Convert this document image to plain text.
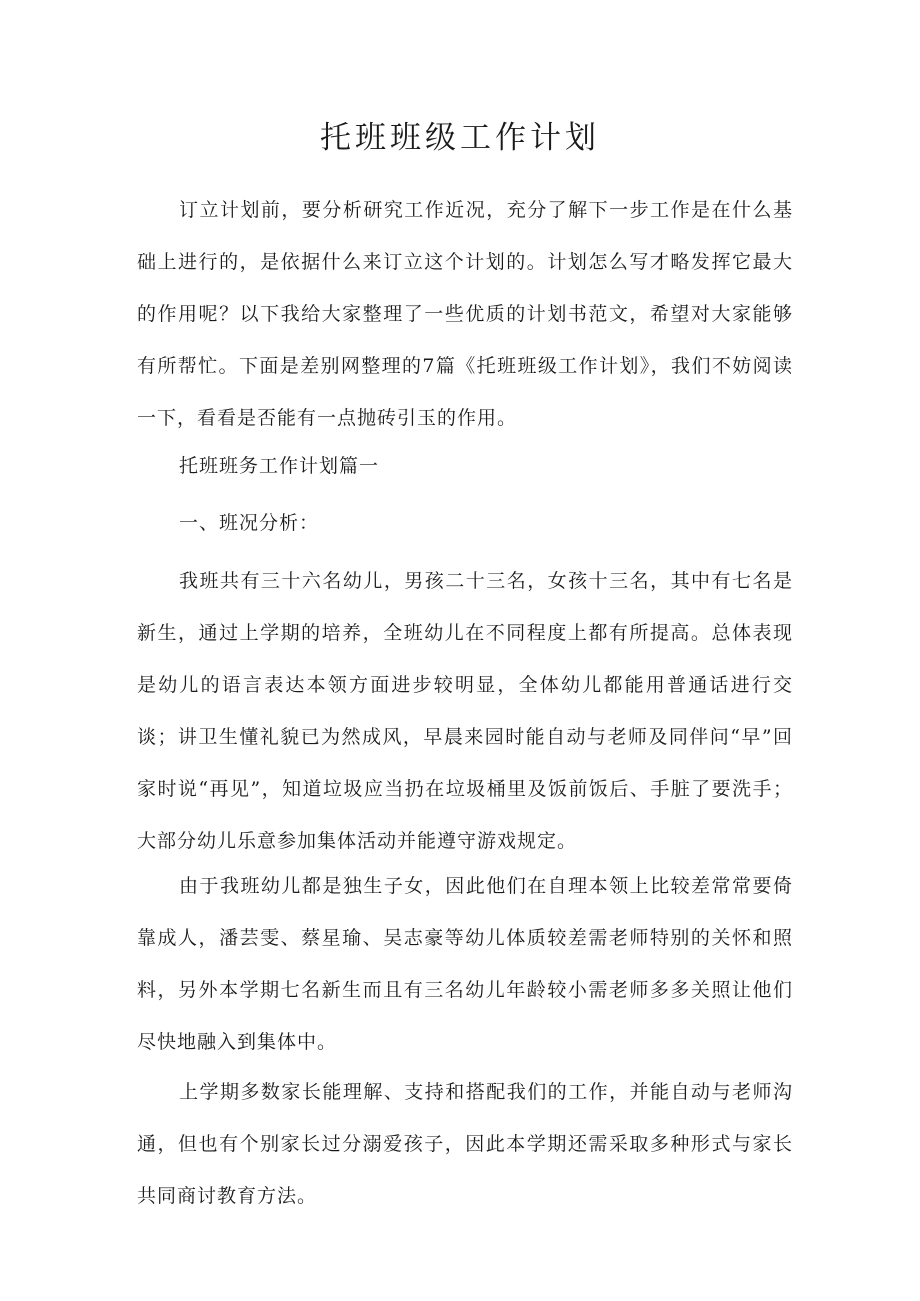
托班班级工作计划

订立计划前，要分析研究工作近况，充分了解下一步工作是在什么基础上进行的，是依据什么来订立这个计划的。计划怎么写才略发挥它最大的作用呢？以下我给大家整理了一些优质的计划书范文，希望对大家能够有所帮忙。下面是差别网整理的7篇《托班班级工作计划》，我们不妨阅读一下，看看是否能有一点抛砖引玉的作用。

托班班务工作计划篇一

一、班况分析：

我班共有三十六名幼儿，男孩二十三名，女孩十三名，其中有七名是新生，通过上学期的培养，全班幼儿在不同程度上都有所提高。总体表现是幼儿的语言表达本领方面进步较明显，全体幼儿都能用普通话进行交谈；讲卫生懂礼貌已为然成风，早晨来园时能自动与老师及同伴问“早”回家时说“再见”，知道垃圾应当扔在垃圾桶里及饭前饭后、手脏了要洗手；大部分幼儿乐意参加集体活动并能遵守游戏规定。

由于我班幼儿都是独生子女，因此他们在自理本领上比较差常常要倚靠成人，潘芸雯、蔡星瑜、吴志豪等幼儿体质较差需老师特别的关怀和照料，另外本学期七名新生而且有三名幼儿年龄较小需老师多多关照让他们尽快地融入到集体中。

上学期多数家长能理解、支持和搭配我们的工作，并能自动与老师沟通，但也有个别家长过分溺爱孩子，因此本学期还需采取多种形式与家长共同商讨教育方法。
